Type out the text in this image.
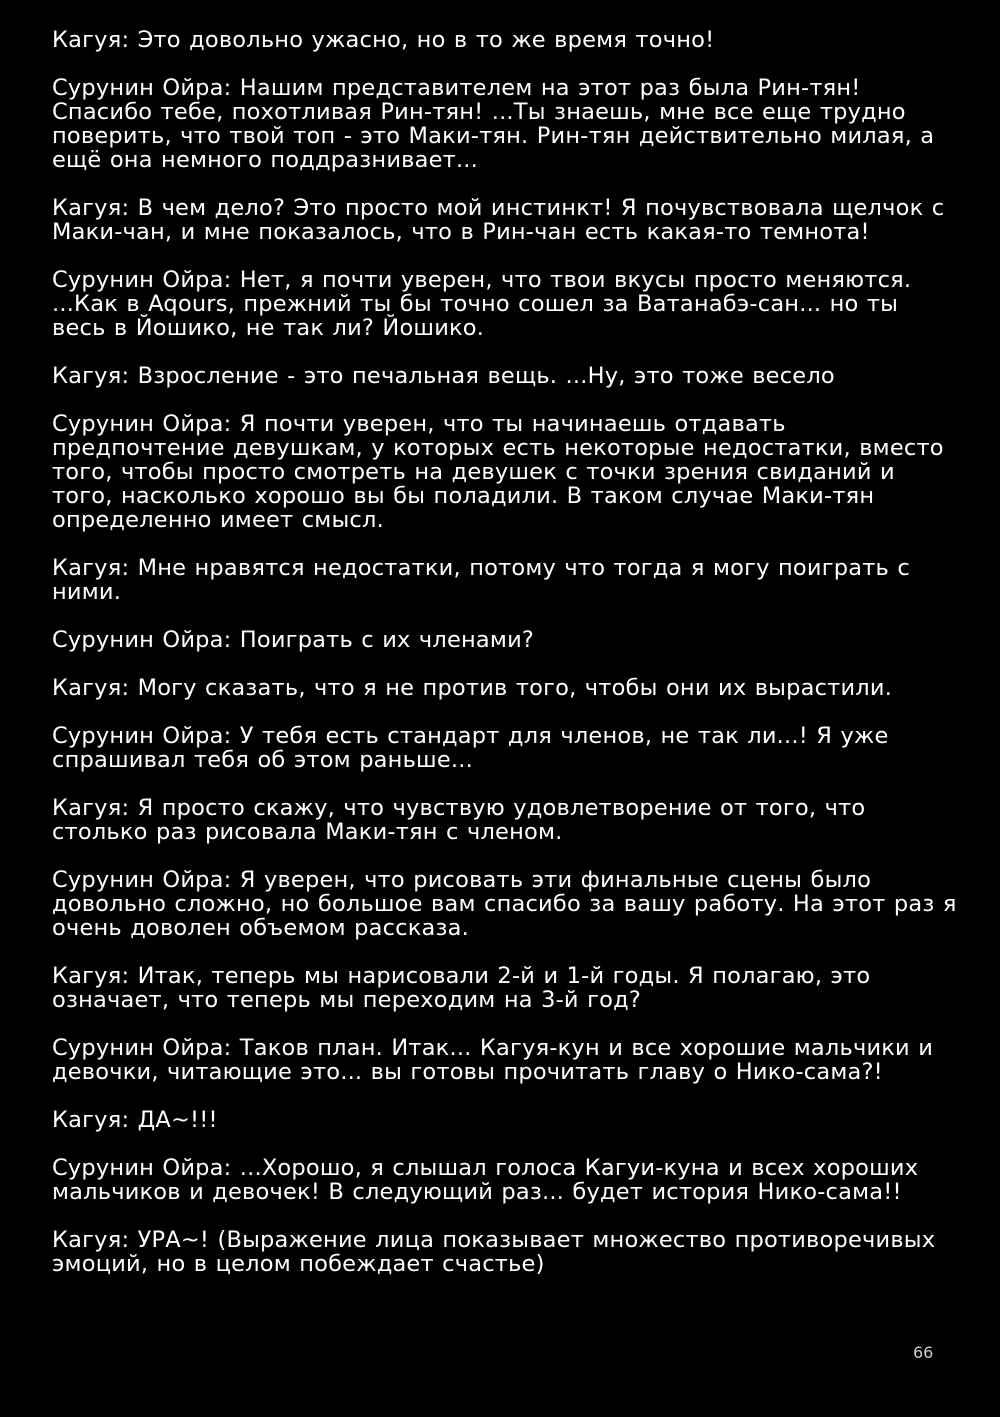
Кагуя: Это довольно ужасно, но в то же время точно!

Сурунин Ойра: Нашим представителем на этот раз была Рин-тян! Спасибо тебе, похотливая Рин-тян! ...Ты знаешь, мне все еще трудно поверить, что твой топ - это Маки-тян. Рин-тян действительно милая, а ещё она немного поддразнивает...

Кагуя: В чем дело? Это просто мой инстинкт! Я почувствовала щелчок с Маки-чан, и мне показалось, что в Рин-чан есть какая-то темнота!

Сурунин Ойра: Нет, я почти уверен, что твои вкусы просто меняются. ...Как в Aqours, прежний ты бы точно сошел за Ватанабэ-сан... но ты весь в Йошико, не так ли? Йошико.

Кагуя: Взросление - это печальная вещь. ...Ну, это тоже весело

Сурунин Ойра: Я почти уверен, что ты начинаешь отдавать предпочтение девушкам, у которых есть некоторые недостатки, вместо того, чтобы просто смотреть на девушек с точки зрения свиданий и того, насколько хорошо вы бы поладили. В таком случае Маки-тян определенно имеет смысл.

Кагуя: Мне нравятся недостатки, потому что тогда я могу поиграть с ними.

Сурунин Ойра: Поиграть с их членами?

Кагуя: Могу сказать, что я не против того, чтобы они их вырастили.

Сурунин Ойра: У тебя есть стандарт для членов, не так ли...! Я уже спрашивал тебя об этом раньше...

Кагуя: Я просто скажу, что чувствую удовлетворение от того, что столько раз рисовала Маки-тян с членом.

Сурунин Ойра: Я уверен, что рисовать эти финальные сцены было довольно сложно, но большое вам спасибо за вашу работу. На этот раз я очень доволен объемом рассказа.

Кагуя: Итак, теперь мы нарисовали 2-й и 1-й годы. Я полагаю, это означает, что теперь мы переходим на 3-й год?

Сурунин Ойра: Таков план. Итак... Кагуя-кун и все хорошие мальчики и девочки, читающие это... вы готовы прочитать главу о Нико-сама?!

Кагуя: ДА~!!!

Сурунин Ойра: ...Хорошо, я слышал голоса Кагуи-куна и всех хороших мальчиков и девочек! В следующий раз... будет история Нико-сама!!

Кагуя: УРА~! (Выражение лица показывает множество противоречивых эмоций, но в целом побеждает счастье)

66
